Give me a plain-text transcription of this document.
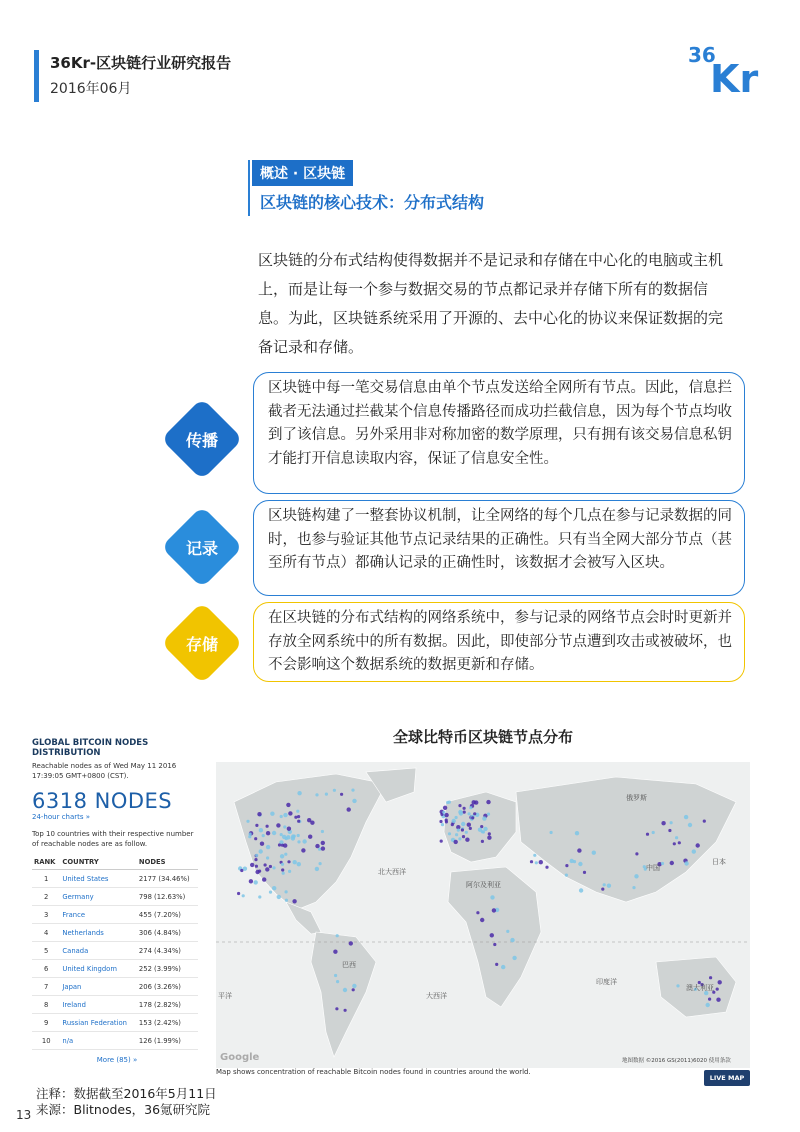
36Kr-区块链行业研究报告
2016年06月
36
Kr
概述 · 区块链
区块链的核心技术：分布式结构
区块链的分布式结构使得数据并不是记录和存储在中心化的电脑或主机上，而是让每一个参与数据交易的节点都记录并存储下所有的数据信息。为此，区块链系统采用了开源的、去中心化的协议来保证数据的完备记录和存储。
传播
区块链中每一笔交易信息由单个节点发送给全网所有节点。因此，信息拦截者无法通过拦截某个信息传播路径而成功拦截信息，因为每个节点均收到了该信息。另外采用非对称加密的数学原理，只有拥有该交易信息私钥才能打开信息读取内容，保证了信息安全性。
记录
区块链构建了一整套协议机制，让全网络的每个几点在参与记录数据的同时，也参与验证其他节点记录结果的正确性。只有当全网大部分节点（甚至所有节点）都确认记录的正确性时，该数据才会被写入区块。
存储
在区块链的分布式结构的网络系统中，参与记录的网络节点会时时更新并存放全网系统中的所有数据。因此，即使部分节点遭到攻击或被破坏，也不会影响这个数据系统的数据更新和存储。
GLOBAL BITCOIN NODES DISTRIBUTION
Reachable nodes as of Wed May 11 2016 17:39:05 GMT+0800 (CST).
6318 NODES
24-hour charts »
Top 10 countries with their respective number of reachable nodes are as follow.
RANK	COUNTRY	NODES
1	United States	2177 (34.46%)
2	Germany	798 (12.63%)
3	France	455 (7.20%)
4	Netherlands	306 (4.84%)
5	Canada	274 (4.34%)
6	United Kingdom	252 (3.99%)
7	Japan	206 (3.26%)
8	Ireland	178 (2.82%)
9	Russian Federation	153 (2.42%)
10	n/a	126 (1.99%)
More (85) »
全球比特币区块链节点分布
北大西洋
大西洋
印度洋
平洋
俄罗斯
中国
日本
澳大利亚
巴西
阿尔及利亚
Google	地图数据 ©2016 GS(2011)6020 使用条款
Map shows concentration of reachable Bitcoin nodes found in countries around the world.
LIVE MAP
注释：数据截至2016年5月11日
来源：Blitnodes，36氪研究院
13
